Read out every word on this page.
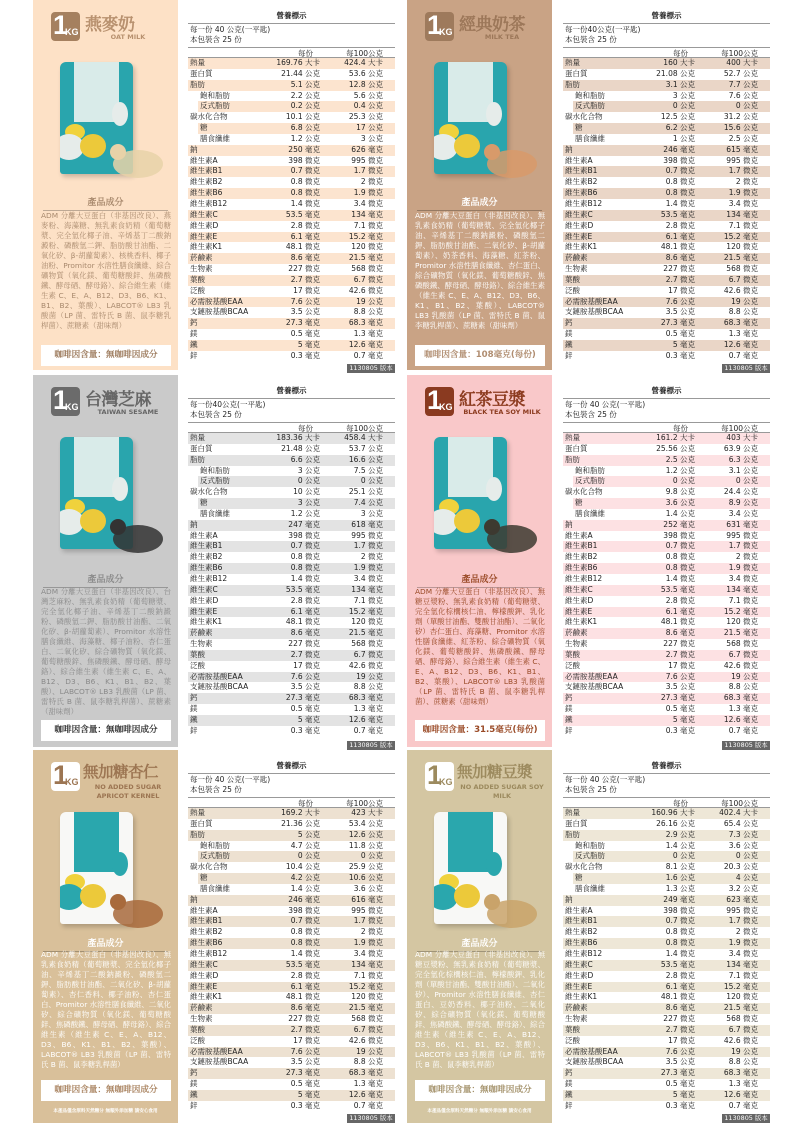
1
KG 燕麥奶
OAT MILK
產品成分
ADM 分離大豆蛋白（非基因改良）、燕麥粉、海藻糖、無乳素食奶精（葡萄糖漿、完全氫化椰子油、辛烯基丁二酸鈉澱粉、磷酸氫二鉀、脂肪酸甘油酯、二氧化矽、β-胡蘿蔔素）、核桃香料、椰子油粉、Promitor 水溶性膳食纖維、綜合礦物質（氧化鎂、葡萄糖酸鋅、焦磷酸鐵、酵母硒、酵母鉻）、綜合維生素（維生素 C、E、A、B12、D3、B6、K1、B1、B2、葉酸）、LABCOT® LB3 乳酸菌（LP 菌、雷特氏 B 菌、鼠李糖乳桿菌）、蔗糖素（甜味劑）
咖啡因含量：無咖啡因成分
營養標示
每一份 40 公克(一平匙)
本包裝含 25 份
每份	每100公克
熱量	169.76 大卡	424.4 大卡
蛋白質	21.44 公克	53.6 公克
脂肪	5.1 公克	12.8 公克
飽和脂肪	2.2 公克	5.6 公克
反式脂肪	0.2 公克	0.4 公克
碳水化合物	10.1 公克	25.3 公克
糖	6.8 公克	17 公克
膳食纖維	1.2 公克	3 公克
鈉	250 毫克	626 毫克
維生素A	398 微克	995 微克
維生素B1	0.7 微克	1.7 微克
維生素B2	0.8 微克	2 微克
維生素B6	0.8 微克	1.9 微克
維生素B12	1.4 微克	3.4 微克
維生素C	53.5 毫克	134 毫克
維生素D	2.8 微克	7.1 微克
維生素E	6.1 毫克	15.2 毫克
維生素K1	48.1 微克	120 微克
菸鹼素	8.6 毫克	21.5 毫克
生物素	227 微克	568 微克
葉酸	2.7 微克	6.7 微克
泛酸	17 微克	42.6 微克
必需胺基酸EAA	7.6 公克	19 公克
支鏈胺基酸BCAA	3.5 公克	8.8 公克
鈣	27.3 毫克	68.3 毫克
鎂	0.5 毫克	1.3 毫克
鐵	5 毫克	12.6 毫克
鋅	0.3 毫克	0.7 毫克
1130805 版本
1
KG 經典奶茶
MILK TEA
產品成分
ADM 分離大豆蛋白（非基因改良）、無乳素食奶精（葡萄糖漿、完全氫化椰子油、辛烯基丁二酸鈉澱粉、磷酸氫二鉀、脂肪酸甘油酯、二氧化矽、β-胡蘿蔔素）、奶茶香料、海藻糖、紅茶粉、Promitor 水溶性膳食纖維、杏仁蛋白、綜合礦物質（氧化鎂、葡萄糖酸鋅、焦磷酸鐵、酵母硒、酵母鉻）、綜合維生素（維生素 C、E、A、B12、D3、B6、K1、B1、B2、葉酸）、LABCOT® LB3 乳酸菌（LP 菌、雷特氏 B 菌、鼠李糖乳桿菌）、蔗糖素（甜味劑）
咖啡因含量：108毫克(每份)
營養標示
每一份40公克(一平匙)
本包裝含 25 份
每份	每100公克
熱量	160 大卡	400 大卡
蛋白質	21.08 公克	52.7 公克
脂肪	3.1 公克	7.7 公克
飽和脂肪	3 公克	7.6 公克
反式脂肪	0 公克	0 公克
碳水化合物	12.5 公克	31.2 公克
糖	6.2 公克	15.6 公克
膳食纖維	1 公克	2.5 公克
鈉	246 毫克	615 毫克
維生素A	398 微克	995 微克
維生素B1	0.7 微克	1.7 微克
維生素B2	0.8 微克	2 微克
維生素B6	0.8 微克	1.9 微克
維生素B12	1.4 微克	3.4 微克
維生素C	53.5 毫克	134 毫克
維生素D	2.8 微克	7.1 微克
維生素E	6.1 毫克	15.2 毫克
維生素K1	48.1 微克	120 微克
菸鹼素	8.6 毫克	21.5 毫克
生物素	227 微克	568 微克
葉酸	2.7 微克	6.7 微克
泛酸	17 微克	42.6 微克
必需胺基酸EAA	7.6 公克	19 公克
支鏈胺基酸BCAA	3.5 公克	8.8 公克
鈣	27.3 毫克	68.3 毫克
鎂	0.5 毫克	1.3 毫克
鐵	5 毫克	12.6 毫克
鋅	0.3 毫克	0.7 毫克
1130805 版本
1
KG 台灣芝麻
TAIWAN SESAME
產品成分
ADM 分離大豆蛋白（非基因改良）、台灣芝麻粉、無乳素食奶精（葡萄糖漿、完全氫化椰子油、辛烯基丁二酸鈉澱粉、磷酸氫二鉀、脂肪酸甘油酯、二氧化矽、β-胡蘿蔔素）、Promitor 水溶性膳食纖維、海藻糖、椰子油粉、杏仁蛋白、二氧化矽、綜合礦物質（氧化鎂、葡萄糖酸鋅、焦磷酸鐵、酵母硒、酵母鉻）、綜合維生素（維生素 C、E、A、B12、D3、B6、K1、B1、B2、葉酸）、LABCOT® LB3 乳酸菌（LP 菌、雷特氏 B 菌、鼠李糖乳桿菌）、蔗糖素（甜味劑）
咖啡因含量：無咖啡因成分
營養標示
每一份40公克(一平匙)
本包裝含 25 份
每份	每100公克
熱量	183.36 大卡	458.4 大卡
蛋白質	21.48 公克	53.7 公克
脂肪	6.6 公克	16.6 公克
飽和脂肪	3 公克	7.5 公克
反式脂肪	0 公克	0 公克
碳水化合物	10 公克	25.1 公克
糖	3 公克	7.4 公克
膳食纖維	1.2 公克	3 公克
鈉	247 毫克	618 毫克
維生素A	398 微克	995 微克
維生素B1	0.7 微克	1.7 微克
維生素B2	0.8 微克	2 微克
維生素B6	0.8 微克	1.9 微克
維生素B12	1.4 微克	3.4 微克
維生素C	53.5 毫克	134 毫克
維生素D	2.8 微克	7.1 微克
維生素E	6.1 毫克	15.2 毫克
維生素K1	48.1 微克	120 微克
菸鹼素	8.6 毫克	21.5 毫克
生物素	227 微克	568 微克
葉酸	2.7 微克	6.7 微克
泛酸	17 微克	42.6 微克
必需胺基酸EAA	7.6 公克	19 公克
支鏈胺基酸BCAA	3.5 公克	8.8 公克
鈣	27.3 毫克	68.3 毫克
鎂	0.5 毫克	1.3 毫克
鐵	5 毫克	12.6 毫克
鋅	0.3 毫克	0.7 毫克
1130805 版本
1
KG 紅茶豆漿
BLACK TEA SOY MILK
產品成分
ADM 分離大豆蛋白（非基因改良）、無糖豆漿粉、無乳素食奶精（葡萄糖漿、完全氫化棕櫚核仁油、檸檬酸鉀、乳化劑（單酸甘油酯、雙酸甘油酯）、二氧化矽）杏仁蛋白、海藻糖、Promitor 水溶性膳食纖維、紅茶粉、綜合礦物質（氧化鎂、葡萄糖酸鋅、焦磷酸鐵、酵母硒、酵母鉻）、綜合維生素（維生素 C、E、A、B12、D3、B6、K1、B1、B2、葉酸）、LABCOT® LB3 乳酸菌（LP 菌、雷特氏 B 菌、鼠李糖乳桿菌）、蔗糖素（甜味劑）
咖啡因含量：31.5毫克(每份)
營養標示
每一份 40 公克(一平匙)
本包裝含 25 份
每份	每100公克
熱量	161.2 大卡	403 大卡
蛋白質	25.56 公克	63.9 公克
脂肪	2.5 公克	6.3 公克
飽和脂肪	1.2 公克	3.1 公克
反式脂肪	0 公克	0 公克
碳水化合物	9.8 公克	24.4 公克
糖	3.6 公克	8.9 公克
膳食纖維	1.4 公克	3.4 公克
鈉	252 毫克	631 毫克
維生素A	398 微克	995 微克
維生素B1	0.7 微克	1.7 微克
維生素B2	0.8 微克	2 微克
維生素B6	0.8 微克	1.9 微克
維生素B12	1.4 微克	3.4 微克
維生素C	53.5 毫克	134 毫克
維生素D	2.8 微克	7.1 微克
維生素E	6.1 毫克	15.2 毫克
維生素K1	48.1 微克	120 微克
菸鹼素	8.6 毫克	21.5 毫克
生物素	227 微克	568 微克
葉酸	2.7 微克	6.7 微克
泛酸	17 微克	42.6 微克
必需胺基酸EAA	7.6 公克	19 公克
支鏈胺基酸BCAA	3.5 公克	8.8 公克
鈣	27.3 毫克	68.3 毫克
鎂	0.5 毫克	1.3 毫克
鐵	5 毫克	12.6 毫克
鋅	0.3 毫克	0.7 毫克
1130805 版本
1
KG
無加糖杏仁
NO ADDED SUGAR APRICOT KERNEL
產品成分
ADM 分離大豆蛋白（非基因改良）、無乳素食奶精（葡萄糖漿、完全氫化椰子油、辛烯基丁二酸鈉澱粉、磷酸氫二鉀、脂肪酸甘油酯、二氧化矽、β-胡蘿蔔素）、杏仁香料、椰子油粉、杏仁蛋白、Promitor 水溶性膳食纖維、二氧化矽、綜合礦物質（氧化鎂、葡萄糖酸鋅、焦磷酸鐵、酵母硒、酵母鉻）、綜合維生素（維生素 C、E、A、B12、D3、B6、K1、B1、B2、葉酸）、LABCOT® LB3 乳酸菌（LP 菌、雷特氏 B 菌、鼠李糖乳桿菌）
咖啡因含量：無咖啡因成分
本產品僅含原料天然糖分 無額外添加糖 請安心食用
營養標示
每一份 40 公克(一平匙)
本包裝含 25 份
每份	每100公克
熱量	169.2 大卡	423 大卡
蛋白質	21.36 公克	53.4 公克
脂肪	5 公克	12.6 公克
飽和脂肪	4.7 公克	11.8 公克
反式脂肪	0 公克	0 公克
碳水化合物	10.4 公克	25.9 公克
糖	4.2 公克	10.6 公克
膳食纖維	1.4 公克	3.6 公克
鈉	246 毫克	616 毫克
維生素A	398 微克	995 微克
維生素B1	0.7 微克	1.7 微克
維生素B2	0.8 微克	2 微克
維生素B6	0.8 微克	1.9 微克
維生素B12	1.4 微克	3.4 微克
維生素C	53.5 毫克	134 毫克
維生素D	2.8 微克	7.1 微克
維生素E	6.1 毫克	15.2 毫克
維生素K1	48.1 微克	120 微克
菸鹼素	8.6 毫克	21.5 毫克
生物素	227 微克	568 微克
葉酸	2.7 微克	6.7 微克
泛酸	17 微克	42.6 微克
必需胺基酸EAA	7.6 公克	19 公克
支鏈胺基酸BCAA	3.5 公克	8.8 公克
鈣	27.3 毫克	68.3 毫克
鎂	0.5 毫克	1.3 毫克
鐵	5 毫克	12.6 毫克
鋅	0.3 毫克	0.7 毫克
1130805 版本
1
KG
無加糖豆漿
NO ADDED SUGAR SOY MILK
產品成分
ADM 分離大豆蛋白（非基因改良）、無糖豆漿粉、無乳素食奶精（葡萄糖漿、完全氫化棕櫚核仁油、檸檬酸鉀、乳化劑（單酸甘油酯、雙酸甘油酯）、二氧化矽）、Promitor 水溶性膳食纖維、杏仁蛋白、豆奶香料、椰子油粉、二氧化矽、綜合礦物質（氧化鎂、葡萄糖酸鋅、焦磷酸鐵、酵母硒、酵母鉻）、綜合維生素（維生素 C、E、A、B12、D3、B6、K1、B1、B2、葉酸）、LABCOT® LB3 乳酸菌（LP 菌、雷特氏 B 菌、鼠李糖乳桿菌）
咖啡因含量：無咖啡因成分
本產品僅含原料天然糖分 無額外添加糖 請安心食用
營養標示
每一份 40 公克(一平匙)
本包裝含 25 份
每份	每100公克
熱量	160.96 大卡	402.4 大卡
蛋白質	26.16 公克	65.4 公克
脂肪	2.9 公克	7.3 公克
飽和脂肪	1.4 公克	3.6 公克
反式脂肪	0 公克	0 公克
碳水化合物	8.1 公克	20.3 公克
糖	1.6 公克	4 公克
膳食纖維	1.3 公克	3.2 公克
鈉	249 毫克	623 毫克
維生素A	398 微克	995 微克
維生素B1	0.7 微克	1.7 微克
維生素B2	0.8 微克	2 微克
維生素B6	0.8 微克	1.9 微克
維生素B12	1.4 微克	3.4 微克
維生素C	53.5 毫克	134 毫克
維生素D	2.8 微克	7.1 微克
維生素E	6.1 毫克	15.2 毫克
維生素K1	48.1 微克	120 微克
菸鹼素	8.6 毫克	21.5 毫克
生物素	227 微克	568 微克
葉酸	2.7 微克	6.7 微克
泛酸	17 微克	42.6 微克
必需胺基酸EAA	7.6 公克	19 公克
支鏈胺基酸BCAA	3.5 公克	8.8 公克
鈣	27.3 毫克	68.3 毫克
鎂	0.5 毫克	1.3 毫克
鐵	5 毫克	12.6 毫克
鋅	0.3 毫克	0.7 毫克
1130805 版本
